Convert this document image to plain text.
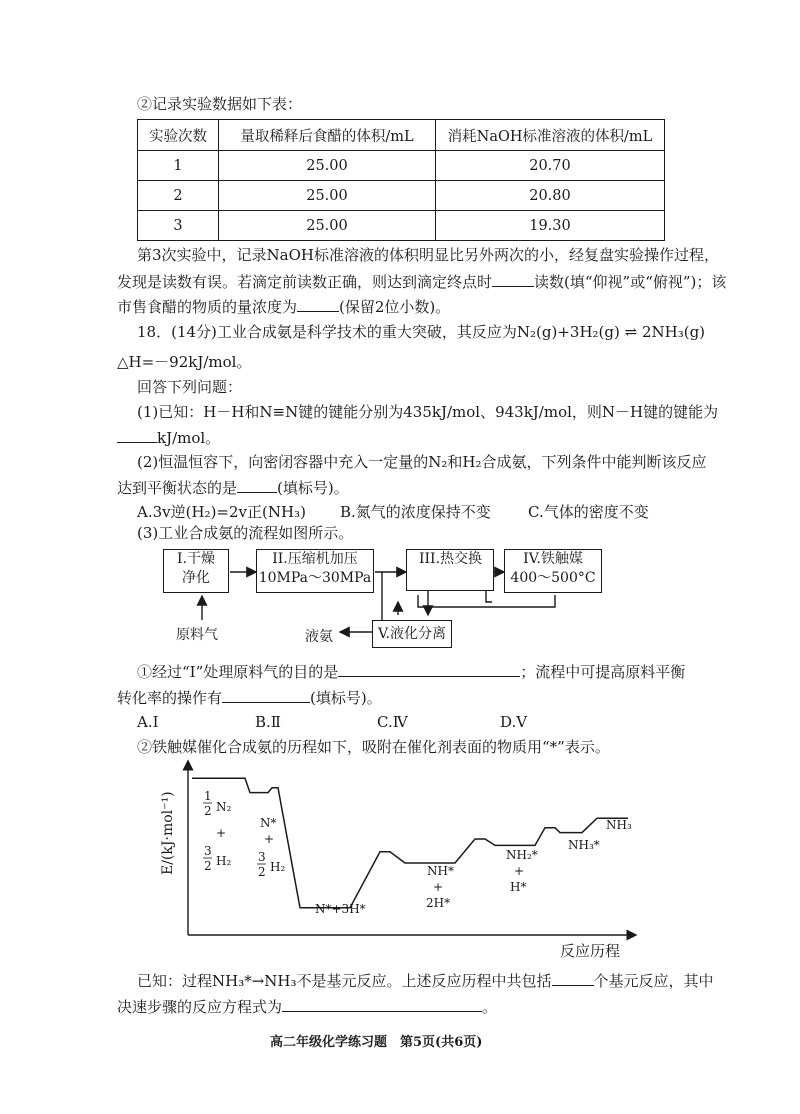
②记录实验数据如下表：
实验次数	量取稀释后食醋的体积/mL	消耗NaOH标准溶液的体积/mL
1	25.00	20.70
2	25.00	20.80
3	25.00	19.30
第3次实验中，记录NaOH标准溶液的体积明显比另外两次的小，经复盘实验操作过程，
发现是读数有误。若滴定前读数正确，则达到滴定终点时	读数(填“仰视”或“俯视”)；该
市售食醋的物质的量浓度为	(保留2位小数)。
18．(14分)工业合成氨是科学技术的重大突破，其反应为N₂(g)+3H₂(g) ⇌ 2NH₃(g)
△H=－92kJ/mol。
回答下列问题：
(1)已知：H－H和N≡N键的键能分别为435kJ/mol、943kJ/mol，则N－H键的键能为
kJ/mol。
(2)恒温恒容下，向密闭容器中充入一定量的N₂和H₂合成氨，下列条件中能判断该反应
达到平衡状态的是	(填标号)。
A.3v逆(H₂)=2v正(NH₃) B.氮气的浓度保持不变 C.气体的密度不变
(3)工业合成氨的流程如图所示。
I.干燥
净化
II.压缩机加压
10MPa～30MPa
III.热交换	IV.铁触媒
400～500°C
V.液化分离
原料气	液氨
①经过“Ⅰ”处理原料气的目的是	；流程中可提高原料平衡
转化率的操作有	(填标号)。
A.Ⅰ	B.Ⅱ	C.Ⅳ	D.Ⅴ
②铁触媒催化合成氨的历程如下，吸附在催化剂表面的物质用“*”表示。
E/(kJ·mol⁻¹)
反应历程
1
2 N₂
+
3
2 H₂
N*
+
3
2 H₂
N*+3H*
NH*
+
2H*
NH₂*
+
H*
NH₃*
NH₃
已知：过程NH₃*→NH₃不是基元反应。上述反应历程中共包括	个基元反应，其中
决速步骤的反应方程式为	。
高二年级化学练习题　第5页(共6页)
